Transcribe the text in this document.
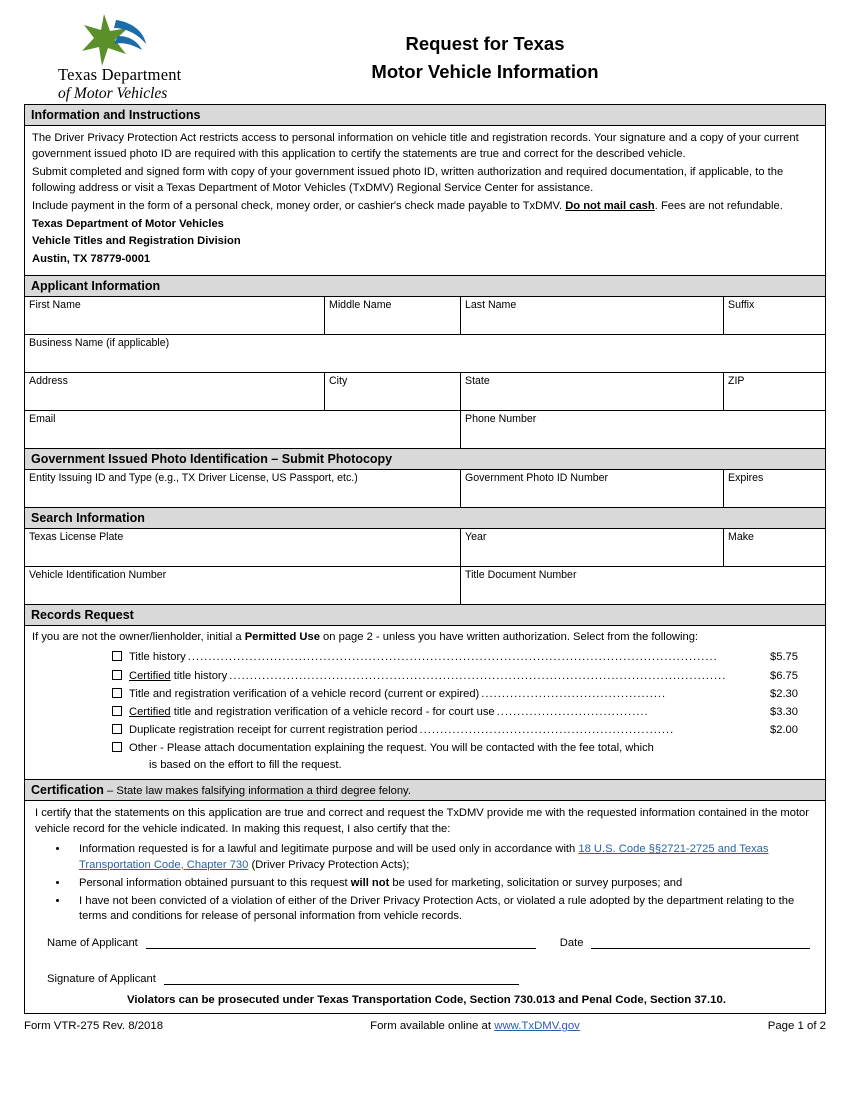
Texas Department
of Motor Vehicles
Request for Texas
Motor Vehicle Information
Information and Instructions

The Driver Privacy Protection Act restricts access to personal information on vehicle title and registration records. Your signature and a copy of your current government issued photo ID are required with this application to certify the statements are true and correct for the described vehicle.

Submit completed and signed form with copy of your government issued photo ID, written authorization and required documentation, if applicable, to the following address or visit a Texas Department of Motor Vehicles (TxDMV) Regional Service Center for assistance.

Include payment in the form of a personal check, money order, or cashier's check made payable to TxDMV. Do not mail cash. Fees are not refundable.

Texas Department of Motor Vehicles

Vehicle Titles and Registration Division

Austin, TX 78779-0001

Applicant Information
First Name	Middle Name	Last Name	Suffix
Business Name (if applicable)
Address	City	State	ZIP
Email	Phone Number
Government Issued Photo Identification – Submit Photocopy
Entity Issuing ID and Type (e.g., TX Driver License, US Passport, etc.)	Government Photo ID Number	Expires
Search Information
Texas License Plate	Year	Make
Vehicle Identification Number	Title Document Number
Records Request
If you are not the owner/lienholder, initial a Permitted Use on page 2 - unless you have written authorization. Select from the following:
Title history .................................................................................................................................	$5.75
Certified title history .........................................................................................................................	$6.75
Title and registration verification of a vehicle record (current or expired) .............................................	$2.30
Certified title and registration verification of a vehicle record - for court use .....................................	$3.30
Duplicate registration receipt for current registration period ..............................................................	$2.00
Other - Please attach documentation explaining the request. You will be contacted with the fee total, which
is based on the effort to fill the request.
Certification – State law makes falsifying information a third degree felony.

I certify that the statements on this application are true and correct and request the TxDMV provide me with the requested information contained in the motor vehicle record for the vehicle indicated. In making this request, I also certify that the:

• Information requested is for a lawful and legitimate purpose and will be used only in accordance with 18 U.S. Code §§2721-2725 and Texas Transportation Code, Chapter 730 (Driver Privacy Protection Acts);
• Personal information obtained pursuant to this request will not be used for marketing, solicitation or survey purposes; and
• I have not been convicted of a violation of either of the Driver Privacy Protection Acts, or violated a rule adopted by the department relating to the terms and conditions for release of personal information from vehicle records.
Name of Applicant	Date
Signature of Applicant
Violators can be prosecuted under Texas Transportation Code, Section 730.013 and Penal Code, Section 37.10.
Form VTR-275 Rev. 8/2018	Form available online at www.TxDMV.gov	Page 1 of 2
